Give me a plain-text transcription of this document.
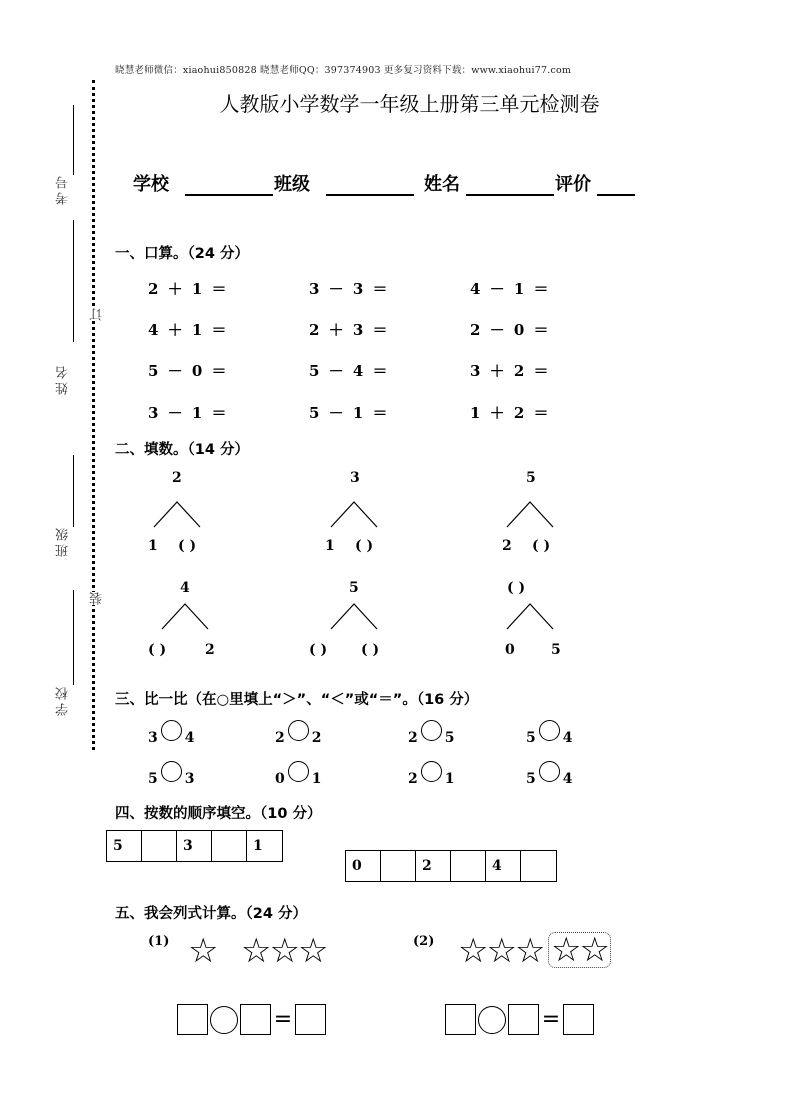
晓慧老师微信：xiaohui850828 晓慧老师QQ：397374903 更多复习资料下载：www.xiaohui77.com
人教版小学数学一年级上册第三单元检测卷
学校	班级	姓名	评价
考号
姓名
班级
学校
订
装
一、口算。（24 分）
2 ＋ 1 ＝	3 － 3 ＝	4 － 1 ＝
4 ＋ 1 ＝	2 ＋ 3 ＝	2 － 0 ＝
5 － 0 ＝	5 － 4 ＝	3 ＋ 2 ＝
3 － 1 ＝	5 － 1 ＝	1 ＋ 2 ＝
二、填数。（14 分）
2
1 ( )
3
1 ( )
5
2 ( )
4
( )	2
5
( ) ( )
( )
0	5
三、比一比（在○里填上“＞”、“＜”或“＝”。（16 分）
3 4	2 2	2 5	5 4
5 3	0 1	2 1	5 4
四、按数的顺序填空。（10 分）
5	3	1
0	2	4
五、我会列式计算。（24 分）
(1) ☆ ☆☆☆	(2) ☆☆☆ ☆☆
=	=
